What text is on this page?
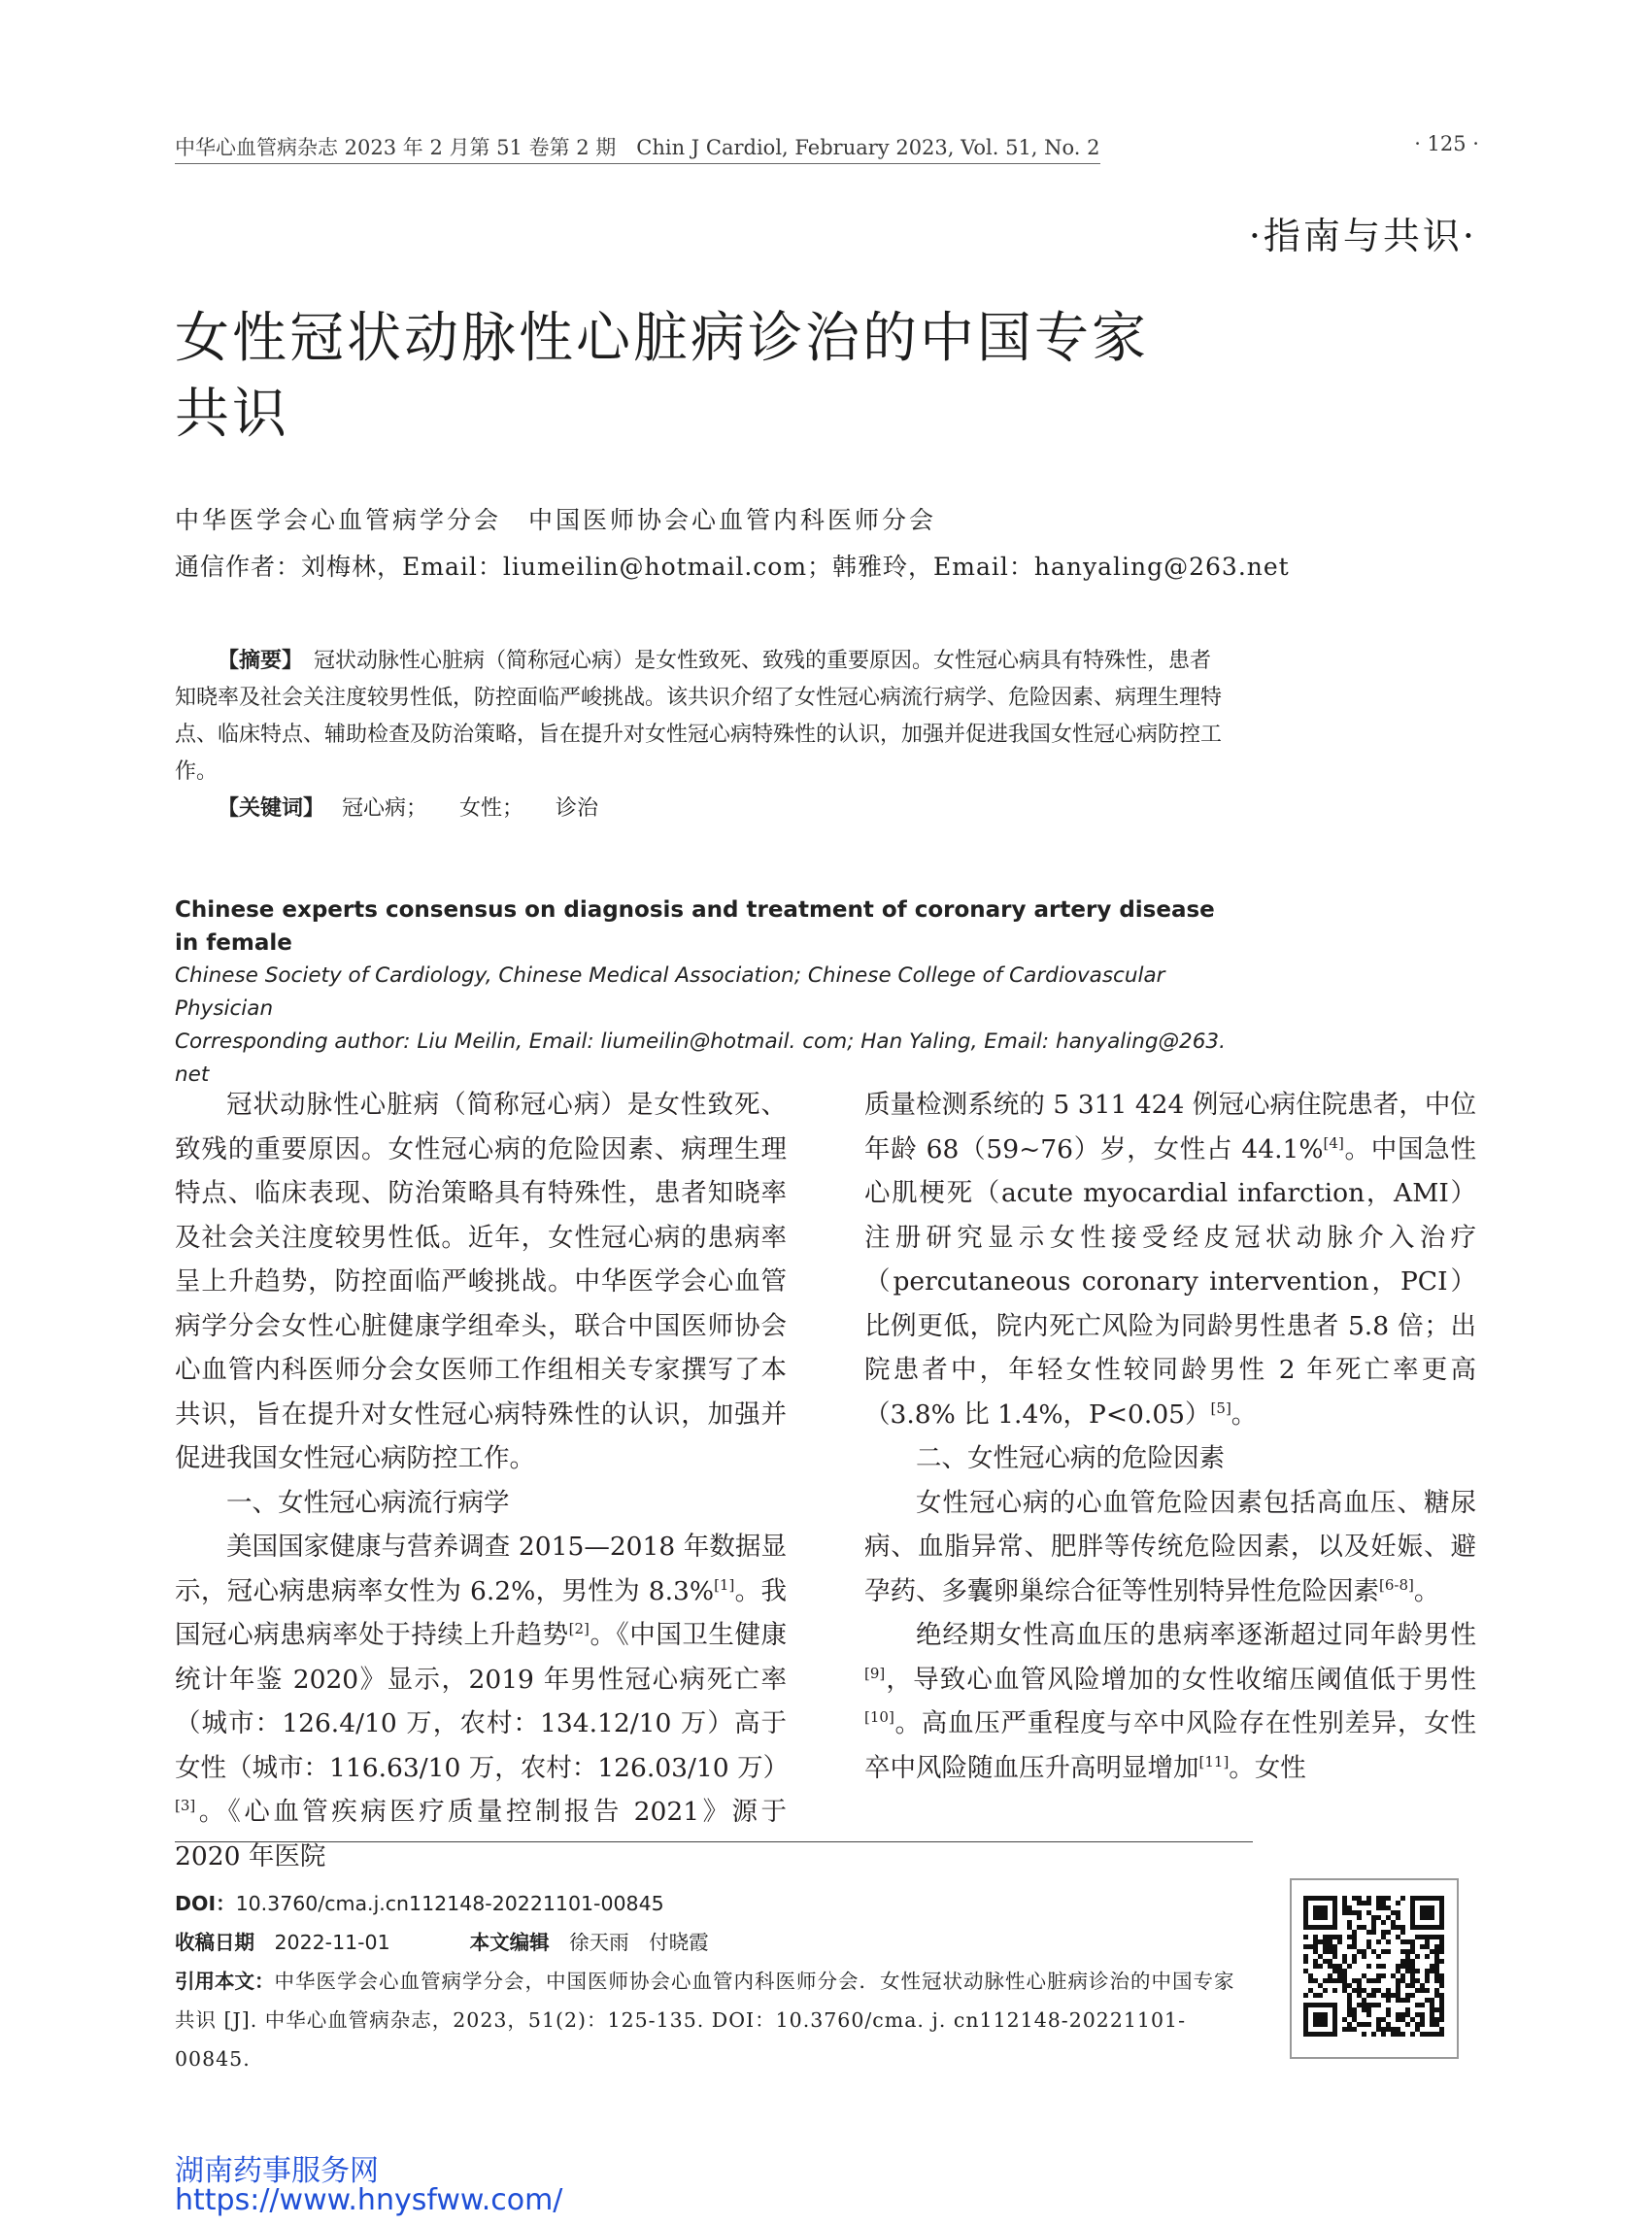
中华心血管病杂志 2023 年 2 月第 51 卷第 2 期　Chin J Cardiol, February 2023, Vol. 51, No. 2	· 125 ·
·指南与共识·
女性冠状动脉性心脏病诊治的中国专家共识
中华医学会心血管病学分会　中国医师协会心血管内科医师分会
通信作者：刘梅林，Email：liumeilin@hotmail.com；韩雅玲，Email：hanyaling@263.net

【摘要】　 冠状动脉性心脏病（简称冠心病）是女性致死、致残的重要原因。女性冠心病具有特殊性，患者知晓率及社会关注度较男性低，防控面临严峻挑战。该共识介绍了女性冠心病流行病学、危险因素、病理生理特点、临床特点、辅助检查及防治策略，旨在提升对女性冠心病特殊性的认识，加强并促进我国女性冠心病防控工作。

【关键词】　 冠心病； 女性； 诊治

Chinese experts consensus on diagnosis and treatment of coronary artery disease in female
Chinese Society of Cardiology, Chinese Medical Association; Chinese College of Cardiovascular Physician
Corresponding author: Liu Meilin, Email: liumeilin@hotmail. com; Han Yaling, Email: hanyaling@263. net

冠状动脉性心脏病（简称冠心病）是女性致死、致残的重要原因。女性冠心病的危险因素、病理生理特点、临床表现、防治策略具有特殊性，患者知晓率及社会关注度较男性低。近年，女性冠心病的患病率呈上升趋势，防控面临严峻挑战。中华医学会心血管病学分会女性心脏健康学组牵头，联合中国医师协会心血管内科医师分会女医师工作组相关专家撰写了本共识，旨在提升对女性冠心病特殊性的认识，加强并促进我国女性冠心病防控工作。

一、女性冠心病流行病学

美国国家健康与营养调查 2015—2018 年数据显示，冠心病患病率女性为 6.2%，男性为 8.3%[1]。我国冠心病患病率处于持续上升趋势[2]。《中国卫生健康统计年鉴 2020》显示，2019 年男性冠心病死亡率（城市：126.4/10 万，农村：134.12/10 万）高于女性（城市：116.63/10 万，农村：126.03/10 万）[3]。《心血管疾病医疗质量控制报告 2021》源于 2020 年医院

质量检测系统的 5 311 424 例冠心病住院患者，中位年龄 68（59~76）岁，女性占 44.1%[4]。中国急性心肌梗死（acute myocardial infarction，AMI）注册研究显示女性接受经皮冠状动脉介入治疗（percutaneous coronary intervention，PCI）比例更低，院内死亡风险为同龄男性患者 5.8 倍；出院患者中，年轻女性较同龄男性 2 年死亡率更高（3.8% 比 1.4%，P<0.05）[5]。

二、女性冠心病的危险因素

女性冠心病的心血管危险因素包括高血压、糖尿病、血脂异常、肥胖等传统危险因素，以及妊娠、避孕药、多囊卵巢综合征等性别特异性危险因素[6-8]。

绝经期女性高血压的患病率逐渐超过同年龄男性[9]，导致心血管风险增加的女性收缩压阈值低于男性[10]。高血压严重程度与卒中风险存在性别差异，女性卒中风险随血压升高明显增加[11]。女性

DOI：10.3760/cma.j.cn112148-20221101-00845
收稿日期　 2022-11-01　　　　	本文编辑　 徐天雨　付晓霞
引用本文：中华医学会心血管病学分会，中国医师协会心血管内科医师分会．女性冠状动脉性心脏病诊治的中国专家共识 [J]. 中华心血管病杂志，2023，51(2)：125-135. DOI：10.3760/cma. j. cn112148-20221101-00845.
湖南药事服务网
https://www.hnysfww.com/
